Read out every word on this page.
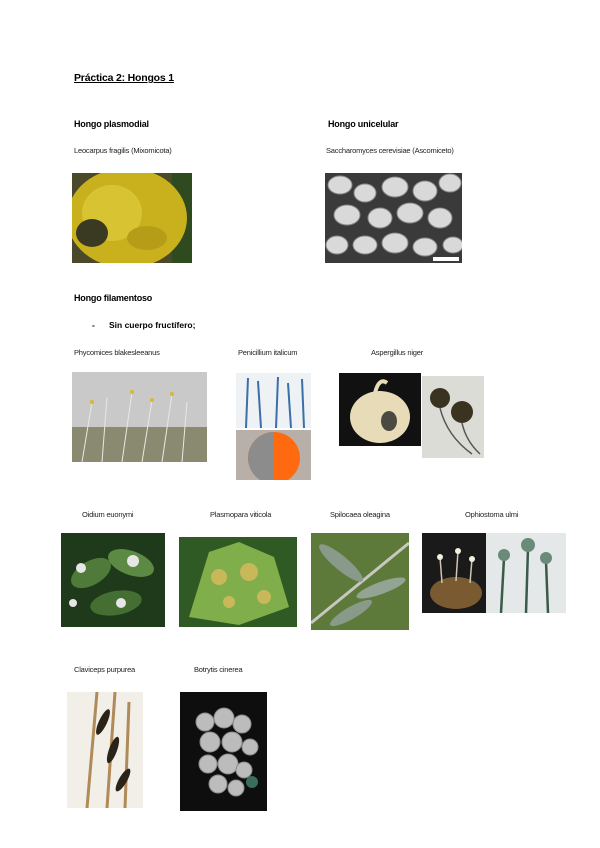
Práctica 2: Hongos 1
Hongo plasmodial
Leocarpus fragilis (Mixomicota)
Hongo unicelular
Saccharomyces cerevisiae (Ascomiceto)
Hongo filamentoso
- Sin cuerpo fructífero;
Phycomices blakesleeanus	Penicillium italicum	Aspergillus niger
Oidium euonymi	Plasmopara viticola	Spilocaea oleagina	Ophiostoma ulmi
Claviceps purpurea	Botrytis cinerea
